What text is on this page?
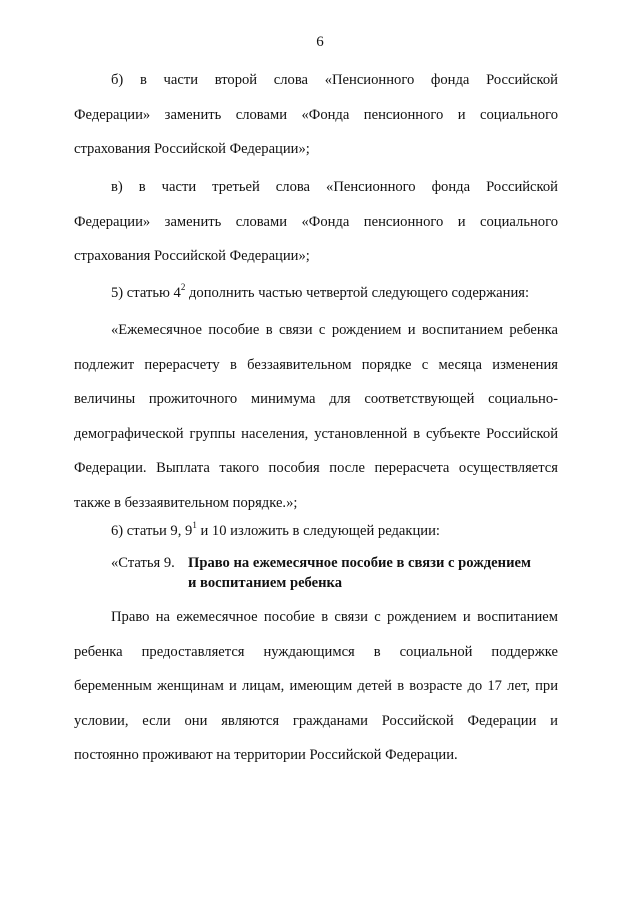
6
б) в части второй слова «Пенсионного фонда Российской
Федерации» заменить словами «Фонда пенсионного и социального
страхования Российской Федерации»;
в) в части третьей слова «Пенсионного фонда Российской
Федерации» заменить словами «Фонда пенсионного и социального
страхования Российской Федерации»;
5) статью $4^2$ дополнить частью четвертой следующего содержания:
«Ежемесячное пособие в связи с рождением и воспитанием ребенка
подлежит перерасчету в беззаявительном порядке с месяца изменения
величины прожиточного минимума для соответствующей социально-
демографической группы населения, установленной в субъекте Российской
Федерации. Выплата такого пособия после перерасчета осуществляется
также в беззаявительном порядке.»;
6) статьи 9, $9^1$ и 10 изложить в следующей редакции:
«Статья 9. Право на ежемесячное пособие в связи с рождением
и воспитанием ребенка
Право на ежемесячное пособие в связи с рождением и воспитанием
ребенка предоставляется нуждающимся в социальной поддержке
беременным женщинам и лицам, имеющим детей в возрасте до 17 лет, при
условии, если они являются гражданами Российской Федерации и
постоянно проживают на территории Российской Федерации.
